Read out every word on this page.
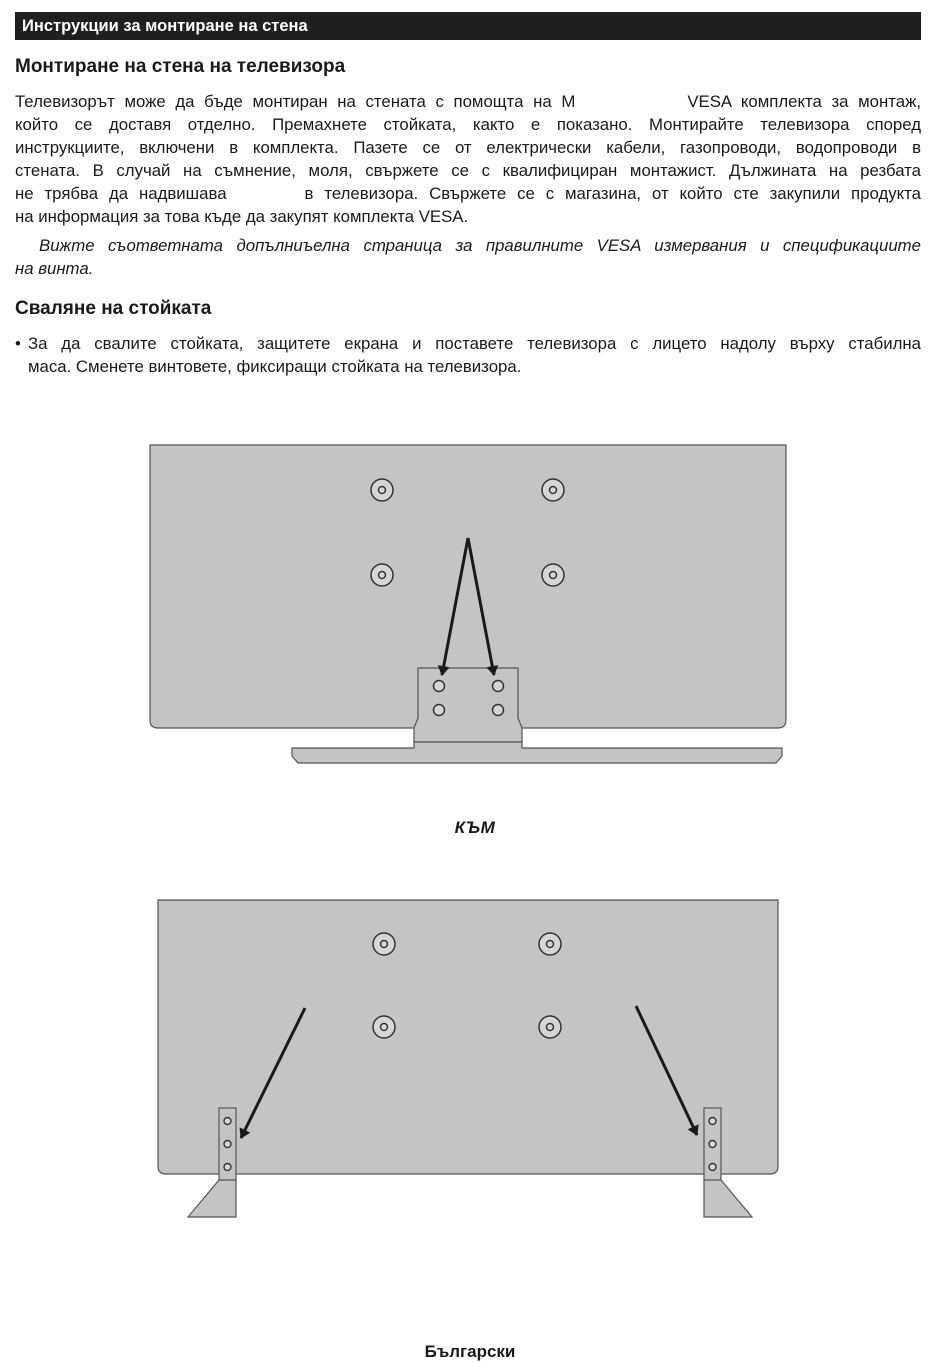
Инструкции за монтиране на стена
Монтиране на стена на телевизора
Телевизорът може да бъде монтиран на стената с помощта на М	VESA комплекта за монтаж,
който се доставя отделно. Премахнете стойката, както е показано. Монтирайте телевизора според
инструкциите, включени в комплекта. Пазете се от електрически кабели, газопроводи, водопроводи в
стената. В случай на съмнение, моля, свържете се с квалифициран монтажист. Дължината на резбата
не трябва да надвишава	в телевизора. Свържете се с магазина, от който сте закупили продукта
на информация за това къде да закупят комплекта VESA.
Вижте съответната допълниъелна страница за правилните VESA измервания и спецификациите
на винта.
Сваляне на стойката
• За да свалите стойката, защитете екрана и поставете телевизора с лицето надолу върху стабилна
маса. Сменете винтовете, фиксиращи стойката на телевизора.
КЪМ
Български
